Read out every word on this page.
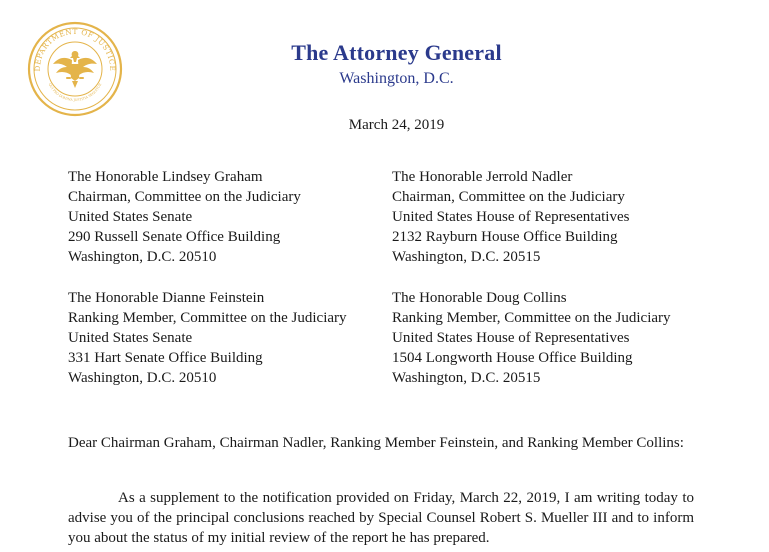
DEPARTMENT OF JUSTICE
QUI PRO DOMINA JUSTITIA SEQUITUR
The Attorney General
Washington, D.C.
March 24, 2019
The Honorable Lindsey Graham
Chairman, Committee on the Judiciary
United States Senate
290 Russell Senate Office Building
Washington, D.C. 20510
The Honorable Jerrold Nadler
Chairman, Committee on the Judiciary
United States House of Representatives
2132 Rayburn House Office Building
Washington, D.C. 20515
The Honorable Dianne Feinstein
Ranking Member, Committee on the Judiciary
United States Senate
331 Hart Senate Office Building
Washington, D.C. 20510
The Honorable Doug Collins
Ranking Member, Committee on the Judiciary
United States House of Representatives
1504 Longworth House Office Building
Washington, D.C. 20515
Dear Chairman Graham, Chairman Nadler, Ranking Member Feinstein, and Ranking Member Collins:
As a supplement to the notification provided on Friday, March 22, 2019, I am writing today to advise you of the principal conclusions reached by Special Counsel Robert S. Mueller III and to inform you about the status of my initial review of the report he has prepared.
